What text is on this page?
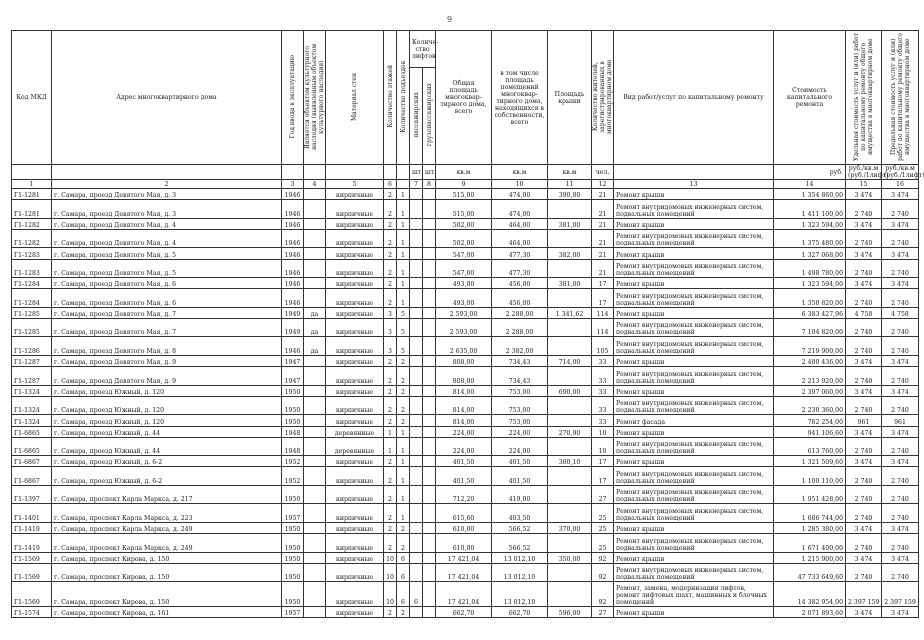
9
Код МКД	Адрес многоквартирного дома	Год ввода в эксплуатацию	Является объектом культурного наследия (выявленным объектом культурного наследия)	Материал стен	Количество этажей	Количество подъездов	Количе-ство лифтов		Общая площадь многоквар-тирного дома, всего	в том числе площадь помещений многоквар-тирного дома, находящихся в собственности, всего	Площадь крыши	Количество жителей, зарегистрированных в многоквартирном доме	Вид работ/услуг по капитальному ремонту	Стоимость капитального ремонта	Удельная стоимость услуг и (или) работ по капитальному ремонту общего имущества в многоквартирном доме	Предельная стоимость услуг и (или) работ по капитальному ремонту общего имущества в многоквартирном доме
							пассажирских	грузопассажирских								
							шт.	шт.	кв.м	кв.м	кв.м	чел.		руб.	руб./кв.м (руб./1лифт)	руб./кв.м (руб./1лифт)
1	2	3	4	5	6		7	8	9	10	11	12	13	14	15	16
Г1-1281	г. Самара, проезд Девятого Мая, д. 3	1946		кирпичные	2	1			515,00	474,00	390,00	21	Ремонт крыши	1 354 860,00	3 474	3 474
Г1-1281	г. Самара, проезд Девятого Мая, д. 3	1946		кирпичные	2	1			515,00	474,00		21	Ремонт внутридомовых инженерных систем, подвальных помещений	1 411 100,00	2 740	2 740
Г1-1282	г. Самара, проезд Девятого Мая, д. 4	1946		кирпичные	2	1			502,00	464,00	381,00	21	Ремонт крыши	1 323 594,00	3 474	3 474
Г1-1282	г. Самара, проезд Девятого Мая, д. 4	1946		кирпичные	2	1			502,00	464,00		21	Ремонт внутридомовых инженерных систем, подвальных помещений	1 375 480,00	2 740	2 740
Г1-1283	г. Самара, проезд Девятого Мая, д. 5	1946		кирпичные	2	1			547,00	477,30	382,00	21	Ремонт крыши	1 327 068,00	3 474	3 474
Г1-1283	г. Самара, проезд Девятого Мая, д. 5	1946		кирпичные	2	1			547,00	477,30		21	Ремонт внутридомовых инженерных систем, подвальных помещений	1 498 780,00	2 740	2 740
Г1-1284	г. Самара, проезд Девятого Мая, д. 6	1946		кирпичные	2	1			493,00	456,00	381,00	17	Ремонт крыши	1 323 594,00	3 474	3 474
Г1-1284	г. Самара, проезд Девятого Мая, д. 6	1946		кирпичные	2	1			493,00	456,00		17	Ремонт внутридомовых инженерных систем, подвальных помещений	1 350 820,00	2 740	2 740
Г1-1285	г. Самара, проезд Девятого Мая, д. 7	1949	да	кирпичные	3	5			2 593,00	2 288,00	1 341,62	114	Ремонт крыши	6 383 427,96	4 758	4 758
Г1-1285	г. Самара, проезд Девятого Мая, д. 7	1949	да	кирпичные	3	5			2 593,00	2 288,00		114	Ремонт внутридомовых инженерных систем, подвальных помещений	7 104 820,00	2 740	2 740
Г1-1286	г. Самара, проезд Девятого Мая, д. 8	1946	да	кирпичные	3	5			2 635,00	2 382,00		105	Ремонт внутридомовых инженерных систем, подвальных помещений	7 219 900,00	2 740	2 740
Г1-1287	г. Самара, проезд Девятого Мая, д. 9	1947		кирпичные	2	2			808,00	734,43	714,00	33	Ремонт крыши	2 480 436,00	3 474	3 474
Г1-1287	г. Самара, проезд Девятого Мая, д. 9	1947		кирпичные	2	2			808,00	734,43		33	Ремонт внутридомовых инженерных систем, подвальных помещений	2 213 920,00	2 740	2 740
Г1-1324	г. Самара, проезд Южный, д. 120	1950		кирпичные	2	2			814,00	753,00	690,00	33	Ремонт крыши	2 397 060,00	3 474	3 474
Г1-1324	г. Самара, проезд Южный, д. 120	1950		кирпичные	2	2			814,00	753,00		33	Ремонт внутридомовых инженерных систем, подвальных помещений	2 230 360,00	2 740	2 740
Г1-1324	г. Самара, проезд Южный, д. 120	1950		кирпичные	2	2			814,00	753,00		33	Ремонт фасада	782 254,00	961	961
Г1-6865	г. Самара, проезд Южный, д. 44	1948		деревянные	1	1			224,00	224,00	270,90	10	Ремонт крыши	941 106,60	3 474	3 474
Г1-6865	г. Самара, проезд Южный, д. 44	1948		деревянные	1	1			224,00	224,00		10	Ремонт внутридомовых инженерных систем, подвальных помещений	613 760,00	2 740	2 740
Г1-6867	г. Самара, проезд Южный, д. 6-2	1952		кирпичные	2	1			401,50	401,50	380,10	17	Ремонт крыши	1 321 509,60	3 474	3 474
Г1-6867	г. Самара, проезд Южный, д. 6-2	1952		кирпичные	2	1			401,50	401,50		17	Ремонт внутридомовых инженерных систем, подвальных помещений	1 100 110,00	2 740	2 740
Г1-1397	г. Самара, проспект Карла Маркса, д. 217	1950		кирпичные	2	1			712,20	419,00		27	Ремонт внутридомовых инженерных систем, подвальных помещений	1 951 428,00	2 740	2 740
Г1-1401	г. Самара, проспект Карла Маркса, д. 223	1957		кирпичные	2	1			615,60	403,50		25	Ремонт внутридомовых инженерных систем, подвальных помещений	1 686 744,00	2 740	2 740
Г1-1419	г. Самара, проспект Карла Маркса, д. 249	1950		кирпичные	2	2			610,00	566,52	370,00	25	Ремонт крыши	1 285 380,00	3 474	3 474
Г1-1419	г. Самара, проспект Карла Маркса, д. 249	1950		кирпичные	2	2			610,00	566,52		25	Ремонт внутридомовых инженерных систем, подвальных помещений	1 671 400,00	2 740	2 740
Г1-1569	г. Самара, проспект Кирова, д. 150	1950		кирпичные	10	6			17 421,04	13 012,10	350,00	92	Ремонт крыши	1 215 900,00	3 474	3 474
Г1-1569	г. Самара, проспект Кирова, д. 150	1950		кирпичные	10	6			17 421,04	13 012,10		92	Ремонт внутридомовых инженерных систем, подвальных помещений	47 733 649,60	2 740	2 740
Г1-1569	г. Самара, проспект Кирова, д. 150	1950		кирпичные	10	6	6		17 421,04	13 012,10		92	Ремонт, замена, модернизация лифтов, ремонт лифтовых шахт, машинных и блочных помещений	14 382 954,00	2 397 159	2 397 159
Г1-1574	г. Самара, проспект Кирова, д. 161	1957		кирпичные	2	2			662,70	662,70	596,00	27	Ремонт крыши	2 071 893,60	3 474	3 474
